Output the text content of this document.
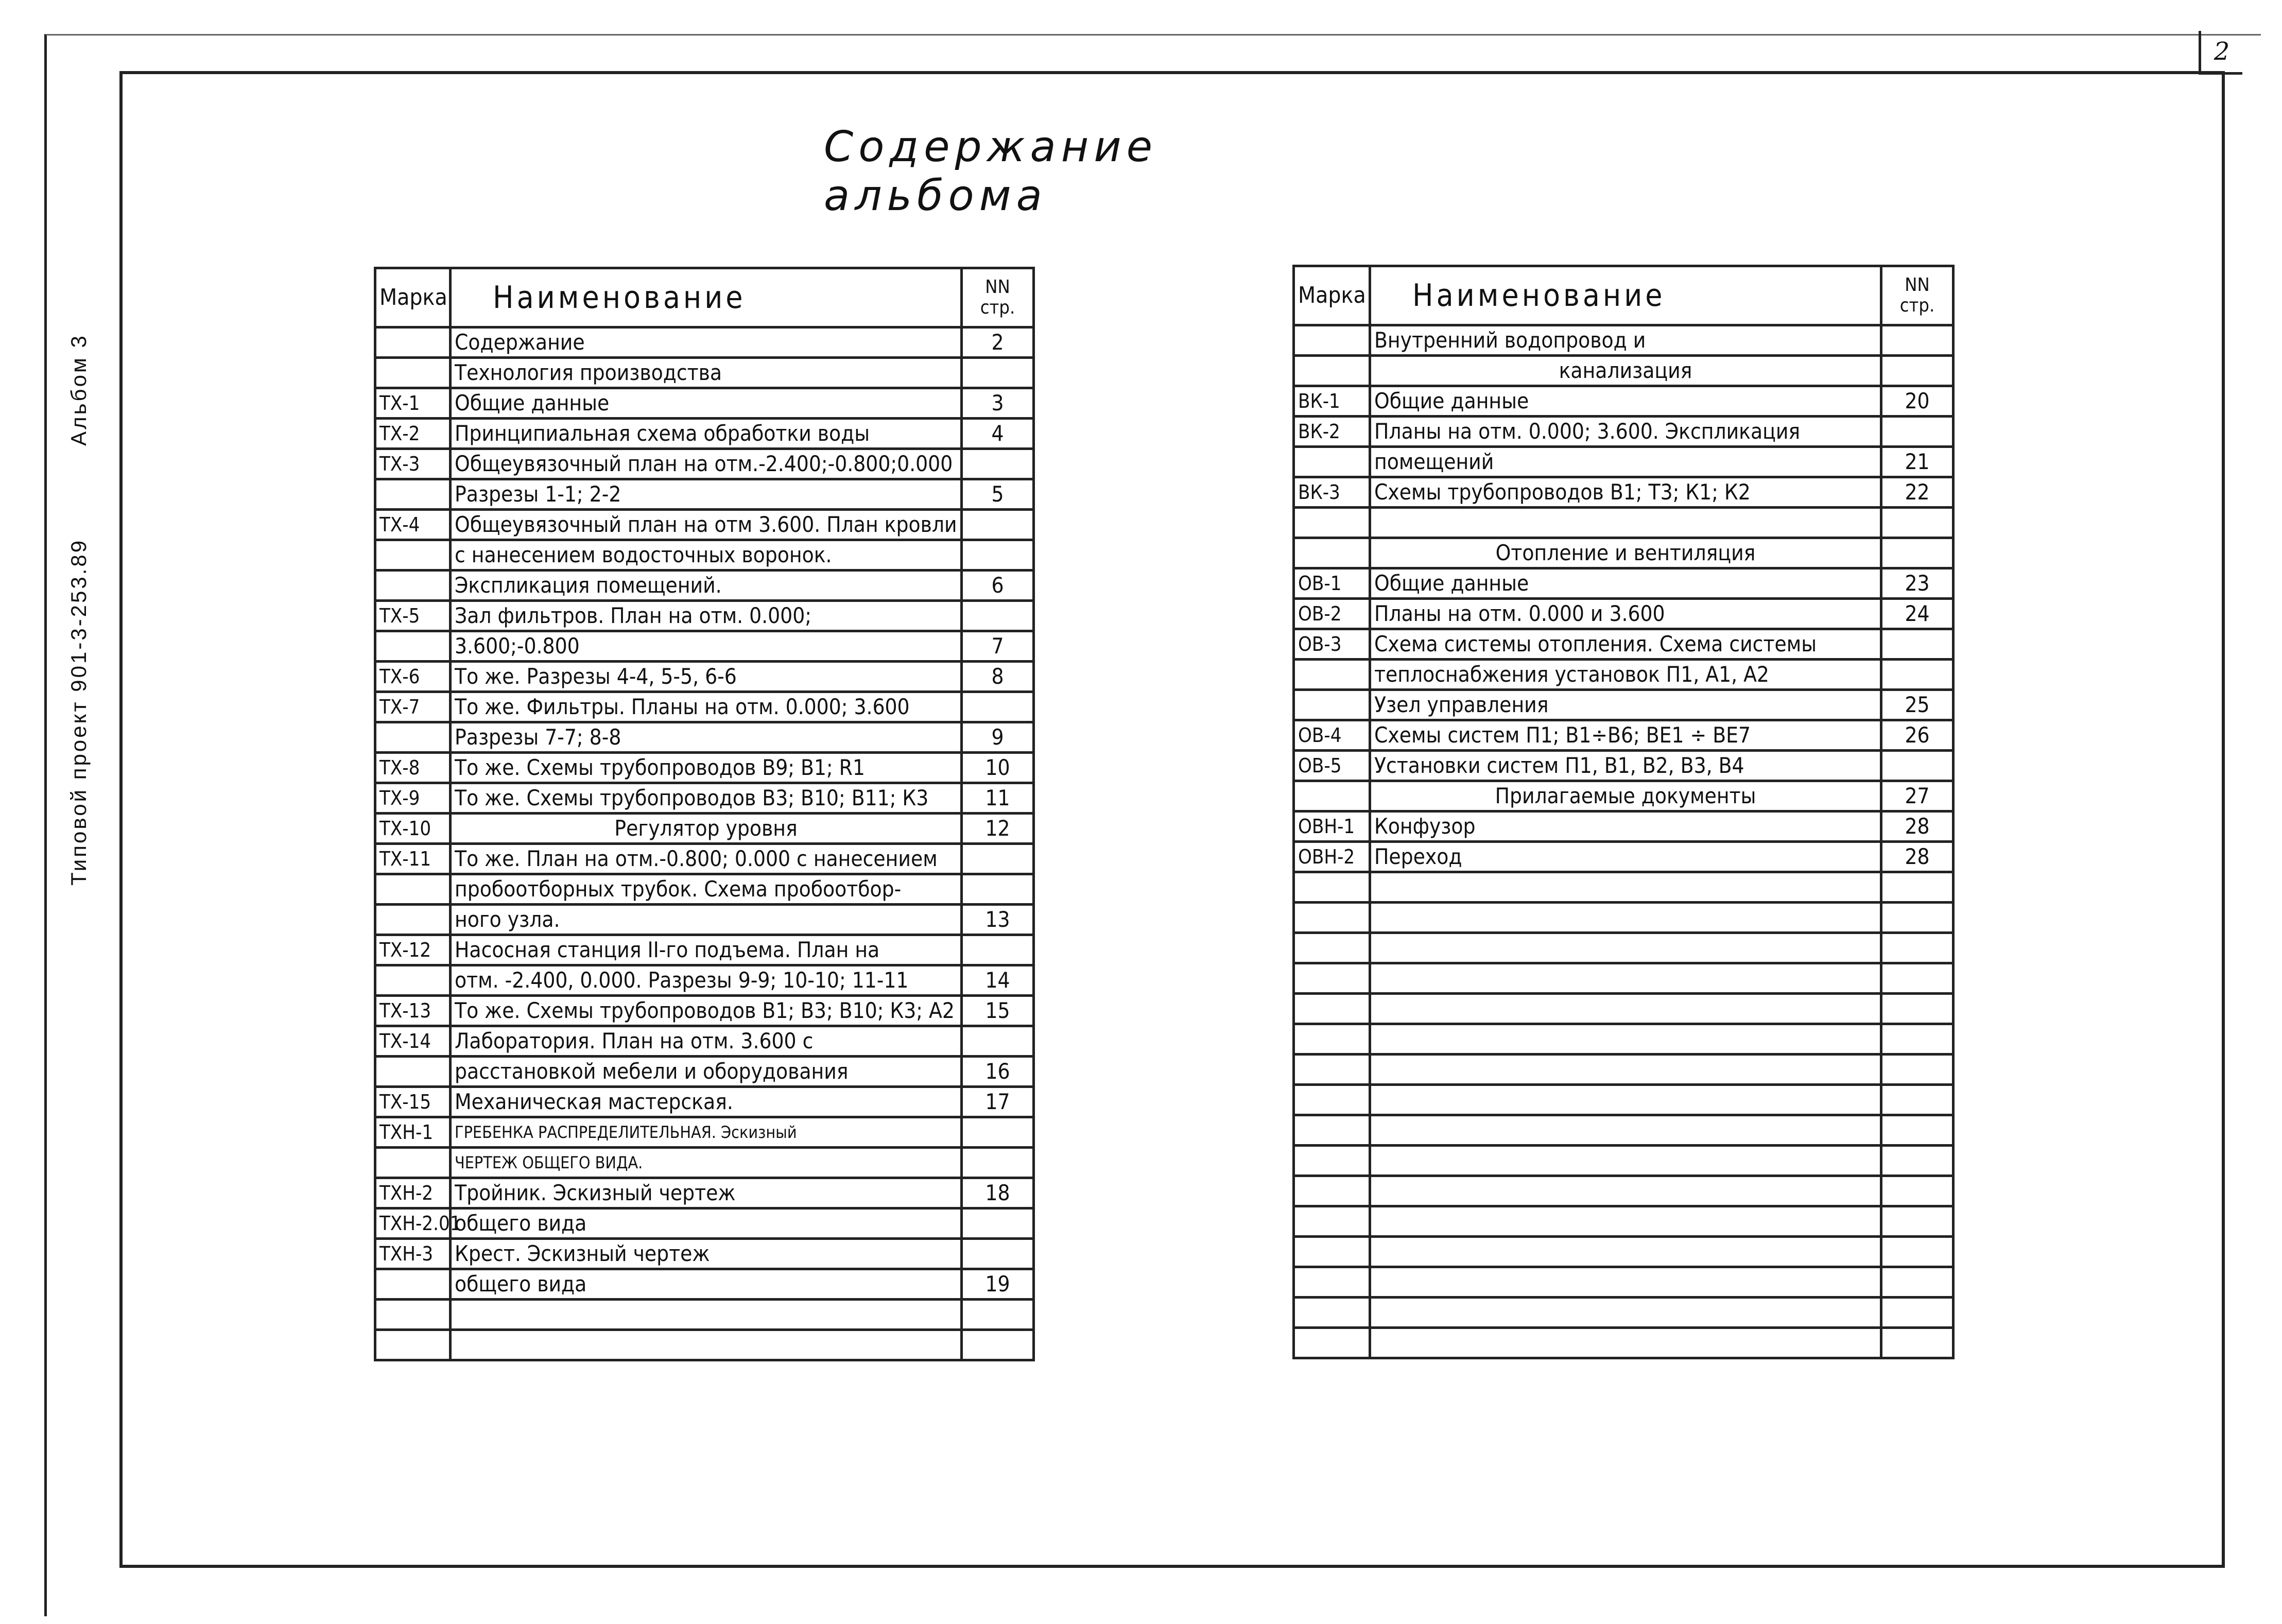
2
Содержание альбома
Типовой проект 901-3-253.89
Альбом 3
Марка	Наименование	NN
стр.
	Содержание	2
	Технология производства	
ТХ-1	Общие данные	3
ТХ-2	Принципиальная схема обработки воды	4
ТХ-3	Общеувязочный план на отм.-2.400;-0.800;0.000	
	Разрезы 1-1; 2-2	5
ТХ-4	Общеувязочный план на отм 3.600. План кровли	
	с нанесением водосточных воронок.	
	Экспликация помещений.	6
ТХ-5	Зал фильтров. План на отм. 0.000;	
	3.600;-0.800	7
ТХ-6	То же. Разрезы 4-4, 5-5, 6-6	8
ТХ-7	То же. Фильтры. Планы на отм. 0.000; 3.600	
	Разрезы 7-7; 8-8	9
ТХ-8	То же. Схемы трубопроводов В9; В1; R1	10
ТХ-9	То же. Схемы трубопроводов В3; В10; В11; К3	11
ТХ-10	Регулятор уровня	12
ТХ-11	То же. План на отм.-0.800; 0.000 с нанесением	
	пробоотборных трубок. Схема пробоотбор-	
	ного узла.	13
ТХ-12	Насосная станция II-го подъема. План на	
	отм. -2.400, 0.000. Разрезы 9-9; 10-10; 11-11	14
ТХ-13	То же. Схемы трубопроводов В1; В3; В10; К3; А2	15
ТХ-14	Лаборатория. План на отм. 3.600 с	
	расстановкой мебели и оборудования	16
ТХ-15	Механическая мастерская.	17
ТХН-1	ГРЕБЕНКА РАСПРЕДЕЛИТЕЛЬНАЯ. Эскизный	
	ЧЕРТЕЖ ОБЩЕГО ВИДА.	
ТХН-2	Тройник. Эскизный чертеж	18
ТХН-2.01	общего вида	
ТХН-3	Крест. Эскизный чертеж	
	общего вида	19

Марка	Наименование	NN
стр.
	Внутренний водопровод и	
	канализация	
ВК-1	Общие данные	20
ВК-2	Планы на отм. 0.000; 3.600. Экспликация	
	помещений	21
ВК-3	Схемы трубопроводов В1; Т3; К1; К2	22

	Отопление и вентиляция	
ОВ-1	Общие данные	23
ОВ-2	Планы на отм. 0.000 и 3.600	24
ОВ-3	Схема системы отопления. Схема системы	
	теплоснабжения установок П1, А1, А2	
	Узел управления	25
ОВ-4	Схемы систем П1; В1÷В6; ВЕ1 ÷ ВЕ7	26
ОВ-5	Установки систем П1, В1, В2, В3, В4	
	Прилагаемые документы	27
ОВН-1	Конфузор	28
ОВН-2	Переход	28
